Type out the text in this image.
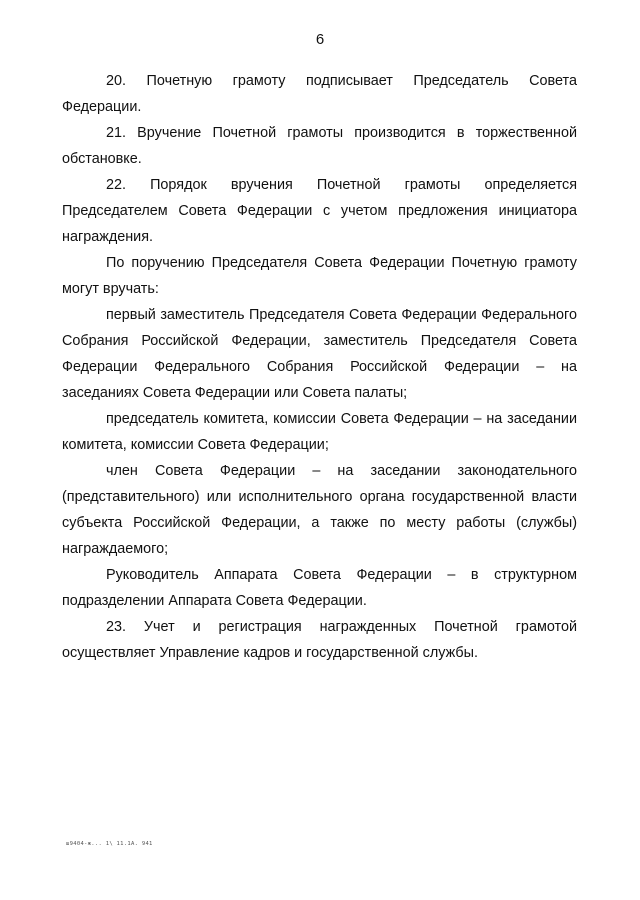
6

20. Почетную грамоту подписывает Председатель Совета Федерации.

21. Вручение Почетной грамоты производится в торжественной обстановке.

22. Порядок вручения Почетной грамоты определяется Председателем Совета Федерации с учетом предложения инициатора награждения.

По поручению Председателя Совета Федерации Почетную грамоту могут вручать:

первый заместитель Председателя Совета Федерации Федерального Собрания Российской Федерации, заместитель Председателя Совета Федерации Федерального Собрания Российской Федерации – на заседаниях Совета Федерации или Совета палаты;

председатель комитета, комиссии Совета Федерации – на заседании комитета, комиссии Совета Федерации;

член Совета Федерации – на заседании законодательного (представительного) или исполнительного органа государственной власти субъекта Российской Федерации, а также по месту работы (службы) награждаемого;

Руководитель Аппарата Совета Федерации – в структурном подразделении Аппарата Совета Федерации.

23. Учет и регистрация награжденных Почетной грамотой осуществляет Управление кадров и государственной службы.

ш9404-ж... 1\ 11.1А. 941
